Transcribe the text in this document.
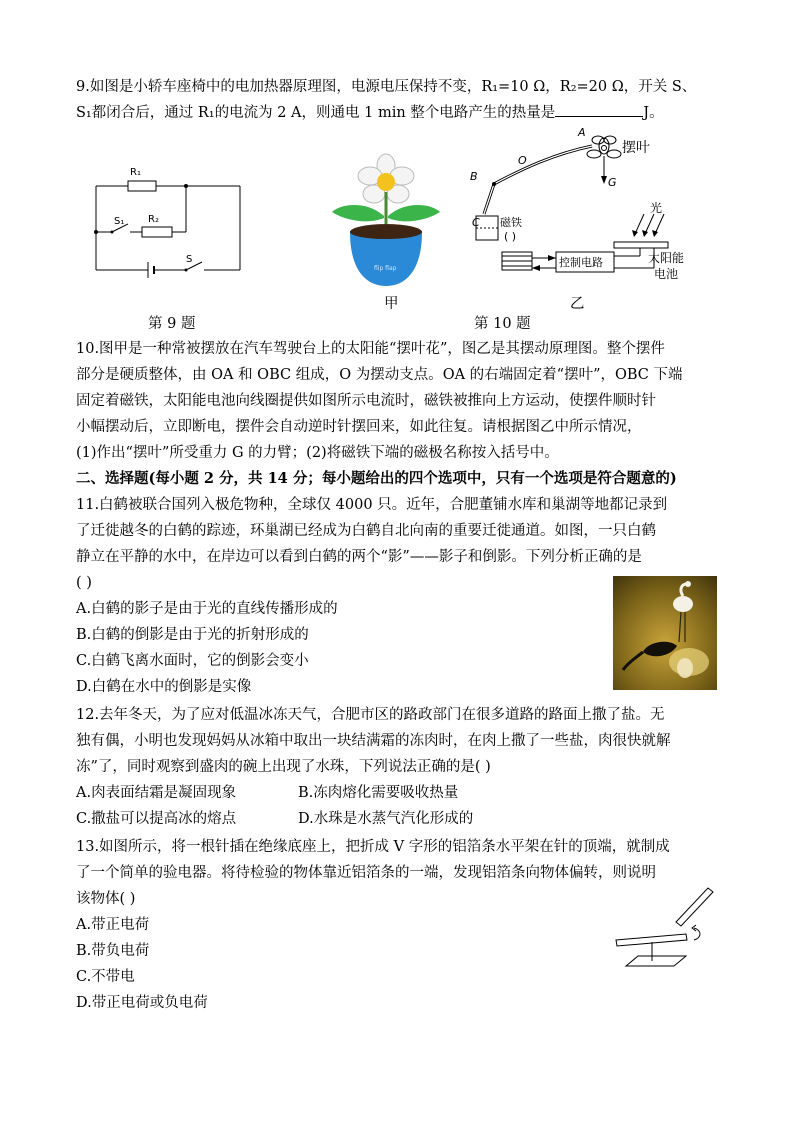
9.如图是小轿车座椅中的电加热器原理图，电源电压保持不变，R₁=10 Ω，R₂=20 Ω，开关 S、
S₁都闭合后，通过 R₁的电流为 2 A，则通电 1 min 整个电路产生的热量是	J。
R₁
R₂
S₁
S
第 9 题
flip flap
甲
A
B
O
C
G
摆叶
光
磁铁
( )
控制电路	太阳能
电池
乙
第 10 题
10.图甲是一种常被摆放在汽车驾驶台上的太阳能“摆叶花”，图乙是其摆动原理图。整个摆件
部分是硬质整体，由 OA 和 OBC 组成，O 为摆动支点。OA 的右端固定着“摆叶”，OBC 下端
固定着磁铁，太阳能电池向线圈提供如图所示电流时，磁铁被推向上方运动，使摆件顺时针
小幅摆动后，立即断电，摆件会自动逆时针摆回来，如此往复。请根据图乙中所示情况，
(1)作出“摆叶”所受重力 G 的力臂；(2)将磁铁下端的磁极名称按入括号中。
二、选择题(每小题 2 分，共 14 分；每小题给出的四个选项中，只有一个选项是符合题意的)
11.白鹤被联合国列入极危物种，全球仅 4000 只。近年，合肥董铺水库和巢湖等地都记录到
了迁徙越冬的白鹤的踪迹，环巢湖已经成为白鹤自北向南的重要迁徙通道。如图，一只白鹤
静立在平静的水中，在岸边可以看到白鹤的两个“影”——影子和倒影。下列分析正确的是
( )
A.白鹤的影子是由于光的直线传播形成的
B.白鹤的倒影是由于光的折射形成的
C.白鹤飞离水面时，它的倒影会变小
D.白鹤在水中的倒影是实像
12.去年冬天，为了应对低温冰冻天气，合肥市区的路政部门在很多道路的路面上撒了盐。无
独有偶，小明也发现妈妈从冰箱中取出一块结满霜的冻肉时，在肉上撒了一些盐，肉很快就解
冻”了，同时观察到盛肉的碗上出现了水珠，下列说法正确的是( )
A.肉表面结霜是凝固现象	B.冻肉熔化需要吸收热量
C.撒盐可以提高冰的熔点	D.水珠是水蒸气汽化形成的
13.如图所示，将一根针插在绝缘底座上，把折成 V 字形的铝箔条水平架在针的顶端，就制成
了一个简单的验电器。将待检验的物体靠近铝箔条的一端，发现铝箔条向物体偏转，则说明
该物体( )
A.带正电荷
B.带负电荷
C.不带电
D.带正电荷或负电荷
